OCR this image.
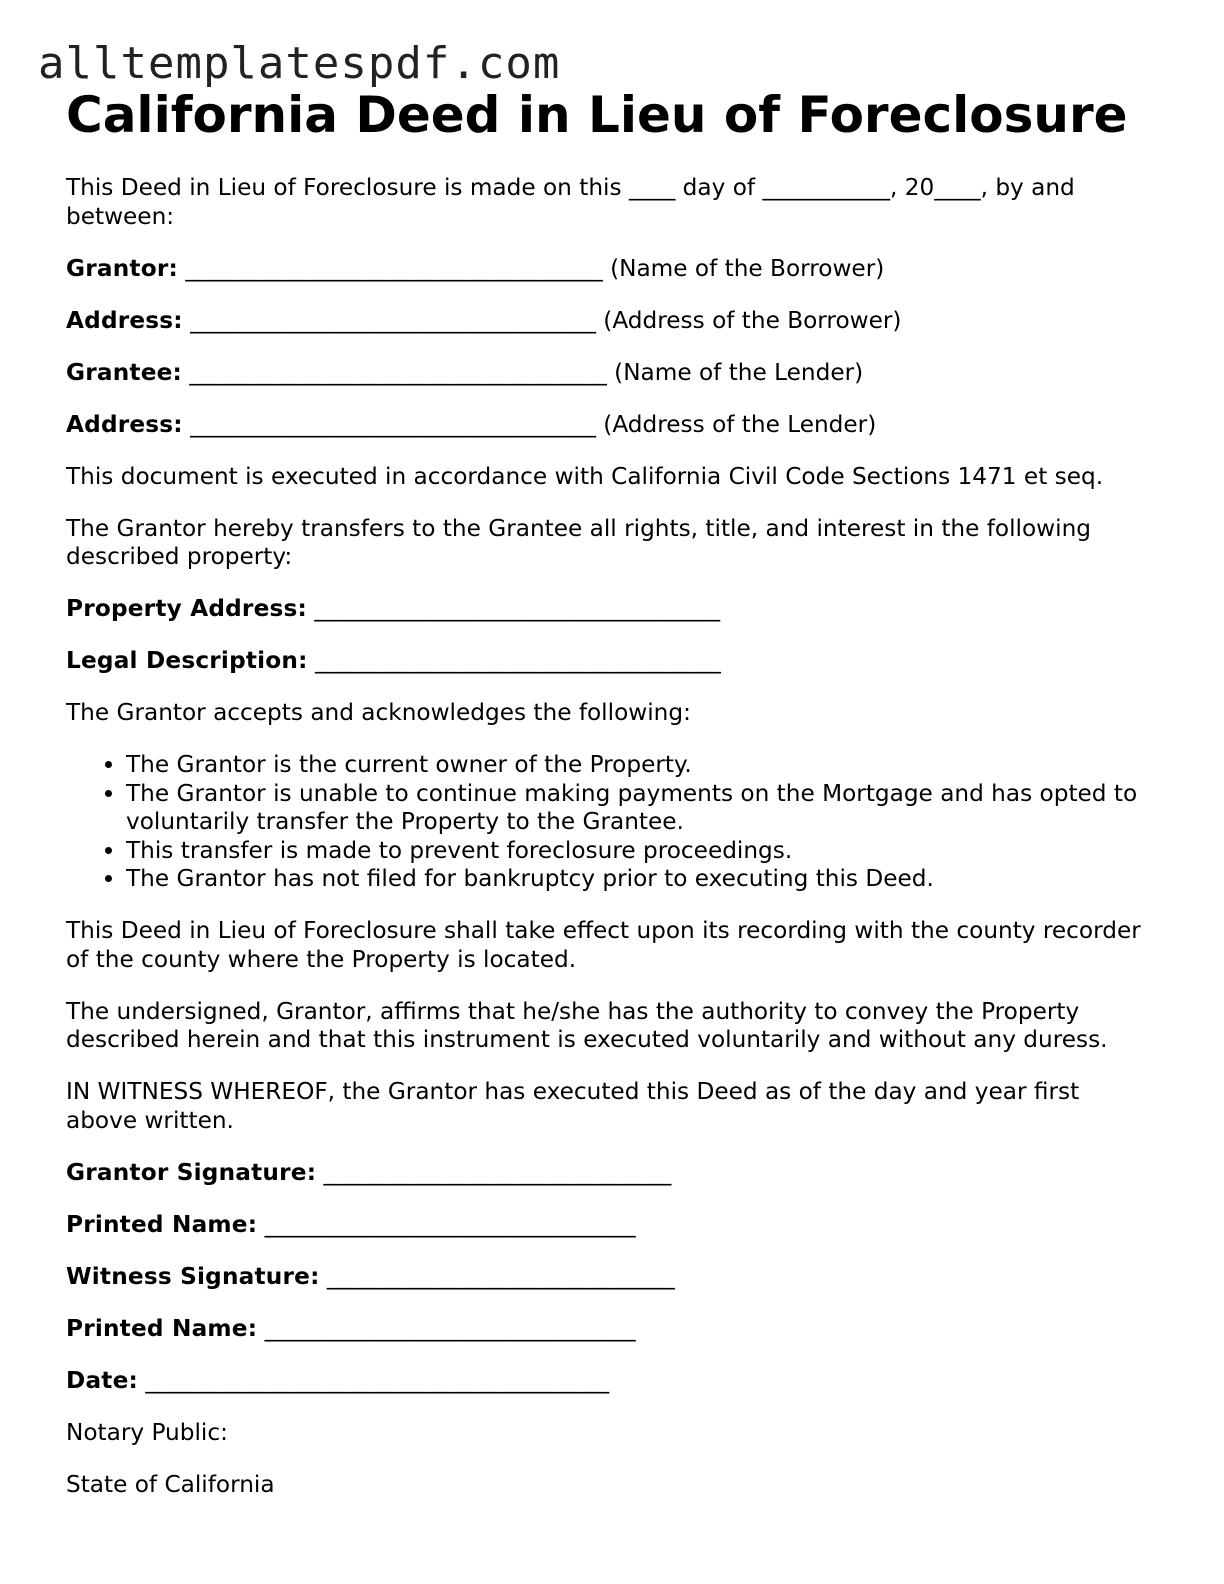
alltemplatespdf.com
California Deed in Lieu of Foreclosure

This Deed in Lieu of Foreclosure is made on this ____ day of ___________, 20____, by and between:

Grantor: ____________________________________ (Name of the Borrower)

Address: ___________________________________ (Address of the Borrower)

Grantee: ____________________________________ (Name of the Lender)

Address: ___________________________________ (Address of the Lender)

This document is executed in accordance with California Civil Code Sections 1471 et seq.

The Grantor hereby transfers to the Grantee all rights, title, and interest in the following described property:

Property Address: ___________________________________

Legal Description: ___________________________________

The Grantor accepts and acknowledges the following:

• The Grantor is the current owner of the Property.
• The Grantor is unable to continue making payments on the Mortgage and has opted to voluntarily transfer the Property to the Grantee.
• This transfer is made to prevent foreclosure proceedings.
• The Grantor has not filed for bankruptcy prior to executing this Deed.

This Deed in Lieu of Foreclosure shall take effect upon its recording with the county recorder of the county where the Property is located.

The undersigned, Grantor, affirms that he/she has the authority to convey the Property described herein and that this instrument is executed voluntarily and without any duress.

IN WITNESS WHEREOF, the Grantor has executed this Deed as of the day and year first above written.

Grantor Signature: ______________________________

Printed Name: ________________________________

Witness Signature: ______________________________

Printed Name: ________________________________

Date: ________________________________________

Notary Public:

State of California
